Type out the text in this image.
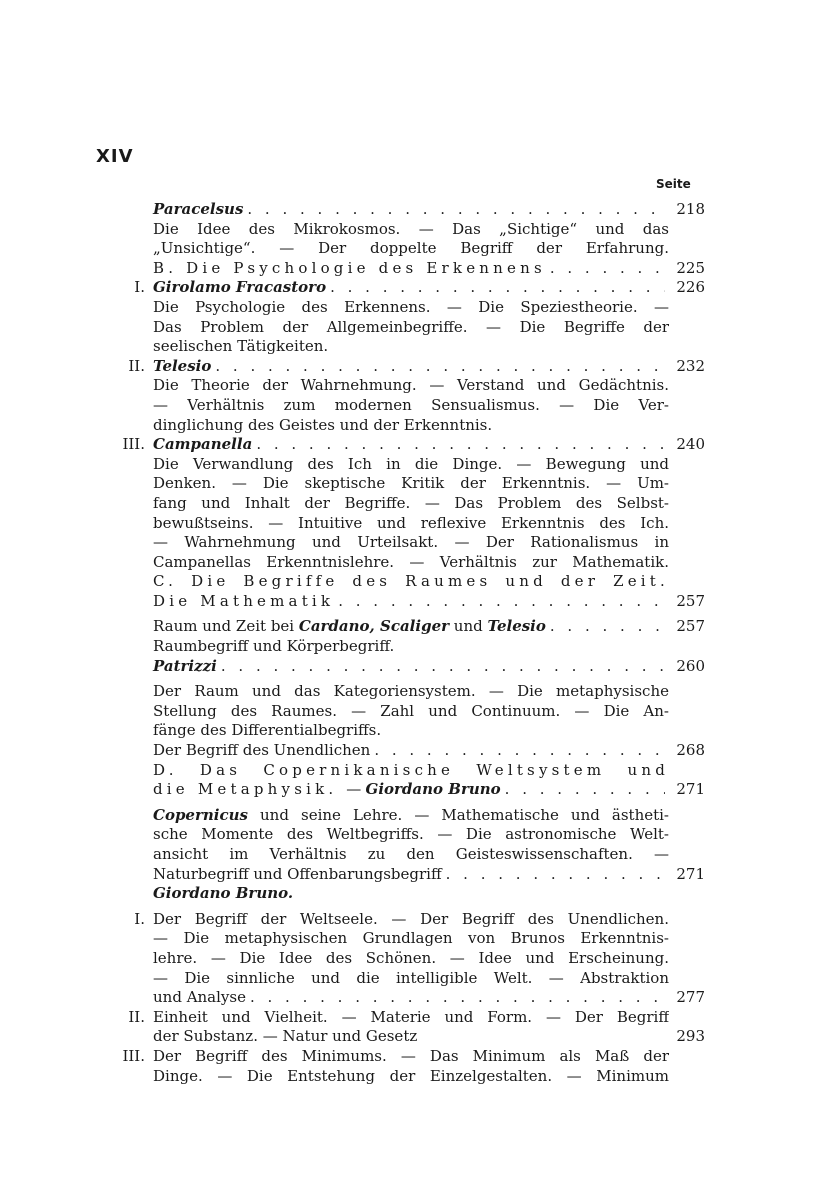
XIV
Seite
Paracelsus . . .	218
Die Idee des Mikrokosmos. — Das „Sichtige“ und das
„Unsichtige“. — Der doppelte Begriff der Erfahrung.
B. Die Psychologie des Erkennens . . .	225
I. Girolamo Fracastoro . . .	226
Die Psychologie des Erkennens. — Die Speziestheorie. —
Das Problem der Allgemeinbegriffe. — Die Begriffe der
seelischen Tätigkeiten.
II. Telesio . . .	232
Die Theorie der Wahrnehmung. — Verstand und Gedächtnis.
— Verhältnis zum modernen Sensualismus. — Die Ver-
dinglichung des Geistes und der Erkenntnis.
III. Campanella . . .	240
Die Verwandlung des Ich in die Dinge. — Bewegung und
Denken. — Die skeptische Kritik der Erkenntnis. — Um-
fang und Inhalt der Begriffe. — Das Problem des Selbst-
bewußtseins. — Intuitive und reflexive Erkenntnis des Ich.
— Wahrnehmung und Urteilsakt. — Der Rationalismus in
Campanellas Erkenntnislehre. — Verhältnis zur Mathematik.
C. Die Begriffe des Raumes und der Zeit.
Die Mathematik . . .	257
Raum und Zeit bei
Cardano, Scaliger
und
Telesio . . .	257
Raumbegriff und Körperbegriff.
Patrizzi . . .	260
Der Raum und das Kategoriensystem. — Die metaphysische
Stellung des Raumes. — Zahl und Continuum. — Die An-
fänge des Differentialbegriffs.
Der Begriff des Unendlichen . . .	268
D. Das Copernikanische Weltsystem und
die Metaphysik. — Giordano Bruno . . .	271
Copernicus und seine Lehre. — Mathematische und ästheti-
sche Momente des Weltbegriffs. — Die astronomische Welt-
ansicht im Verhältnis zu den Geisteswissenschaften. —
Naturbegriff und Offenbarungsbegriff . . .	271
Giordano Bruno.
I. Der Begriff der Weltseele. — Der Begriff des Unendlichen.
— Die metaphysischen Grundlagen von Brunos Erkenntnis-
lehre. — Die Idee des Schönen. — Idee und Erscheinung.
— Die sinnliche und die intelligible Welt. — Abstraktion
und Analyse . . .	277
II. Einheit und Vielheit. — Materie und Form. — Der Begriff
der Substanz. — Natur und Gesetz	293
III. Der Begriff des Minimums. — Das Minimum als Maß der
Dinge. — Die Entstehung der Einzelgestalten. — Minimum
